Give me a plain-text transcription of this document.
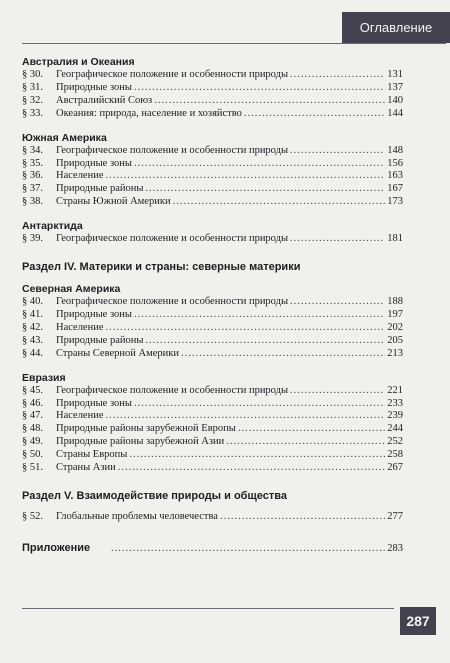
Оглавление
Австралия и Океания
§ 30.	Географическое положение и особенности природы .....	131
§ 31.	Природные зоны .....	137
§ 32.	Австралийский Союз .....	140
§ 33.	Океания: природа, население и хозяйство .....	144
Южная Америка
§ 34.	Географическое положение и особенности природы .....	148
§ 35.	Природные зоны .....	156
§ 36.	Население .....	163
§ 37.	Природные районы .....	167
§ 38.	Страны Южной Америки .....	173
Антарктида
§ 39.	Географическое положение и особенности природы .....	181
Раздел IV. Материки и страны: северные материки
Северная Америка
§ 40.	Географическое положение и особенности природы .....	188
§ 41.	Природные зоны .....	197
§ 42.	Население .....	202
§ 43.	Природные районы .....	205
§ 44.	Страны Северной Америки .....	213
Евразия
§ 45.	Географическое положение и особенности природы .....	221
§ 46.	Природные зоны .....	233
§ 47.	Население .....	239
§ 48.	Природные районы зарубежной Европы .....	244
§ 49.	Природные районы зарубежной Азии .....	252
§ 50.	Страны Европы .....	258
§ 51.	Страны Азии .....	267
Раздел V. Взаимодействие природы и общества
§ 52.	Глобальные проблемы человечества .....	277
Приложение .....	283
287
